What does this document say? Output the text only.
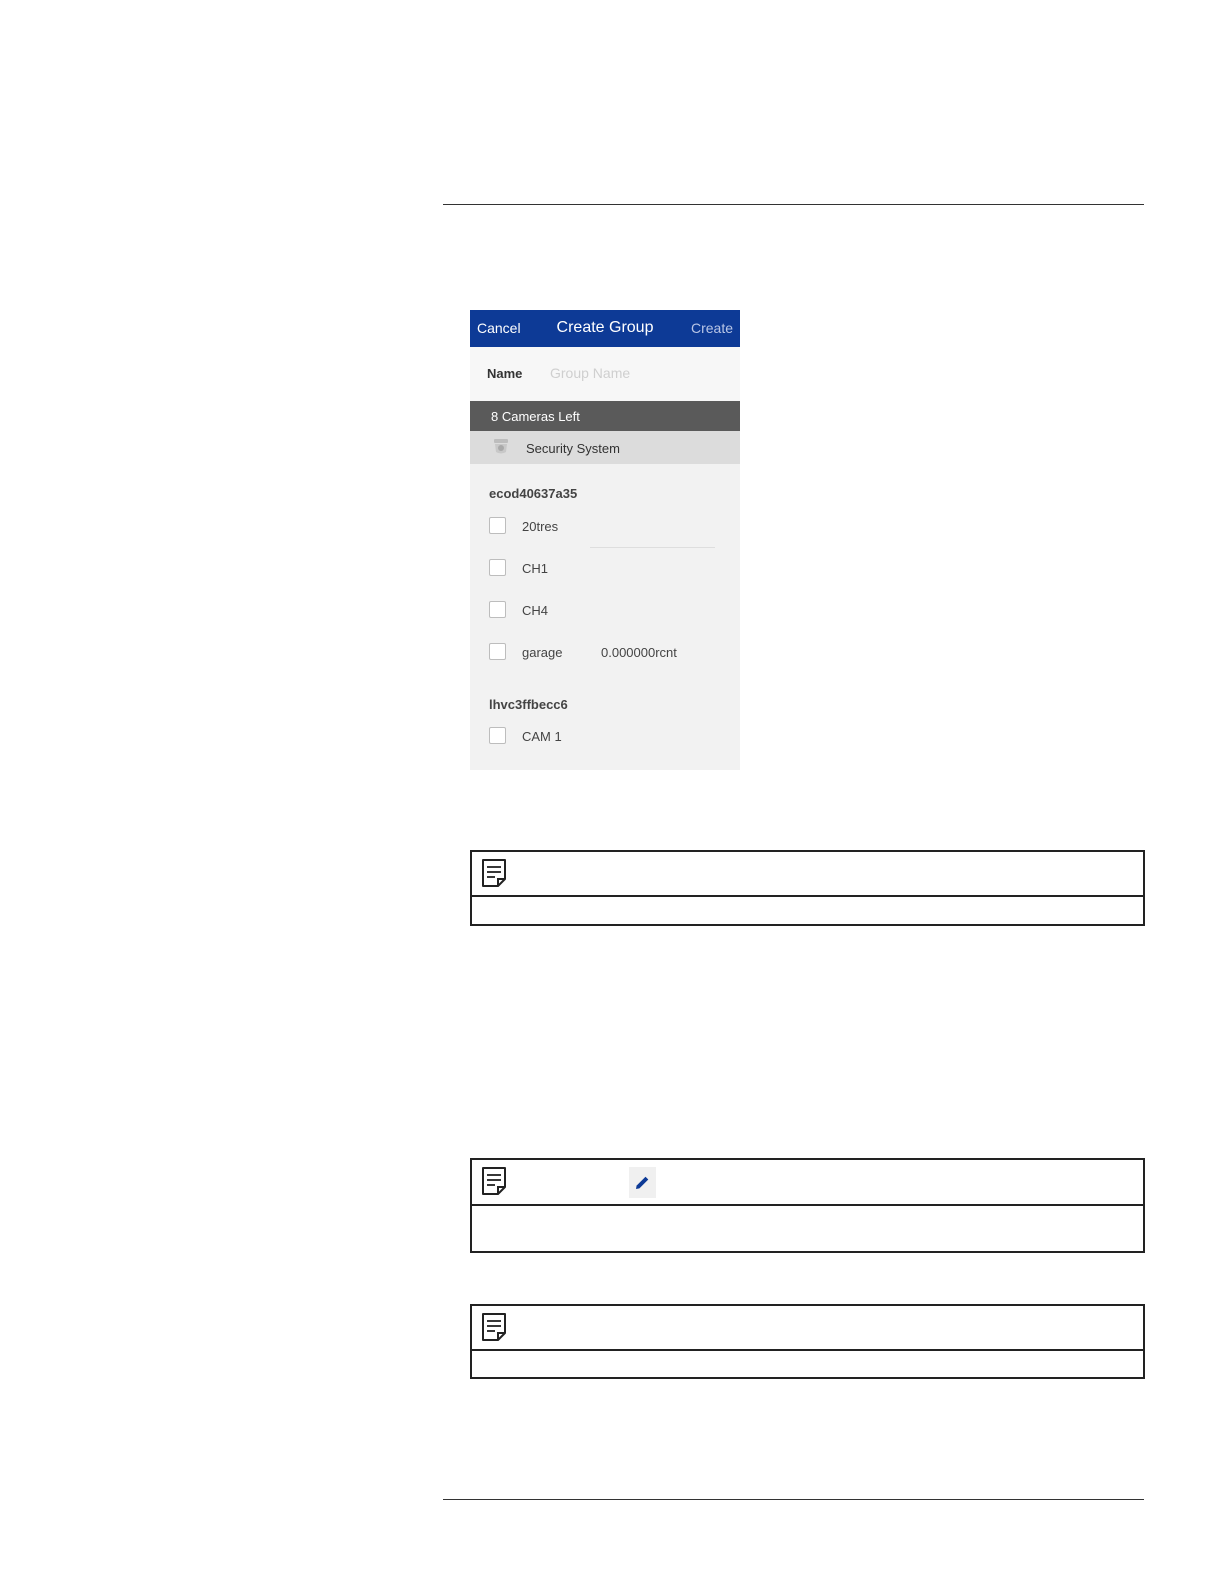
Cancel	Create Group	Create
Name
Group Name
8 Cameras Left
Security System
ecod40637a35
20tres
CH1
CH4
garage	0.000000rcnt
lhvc3ffbecc6
CAM 1
